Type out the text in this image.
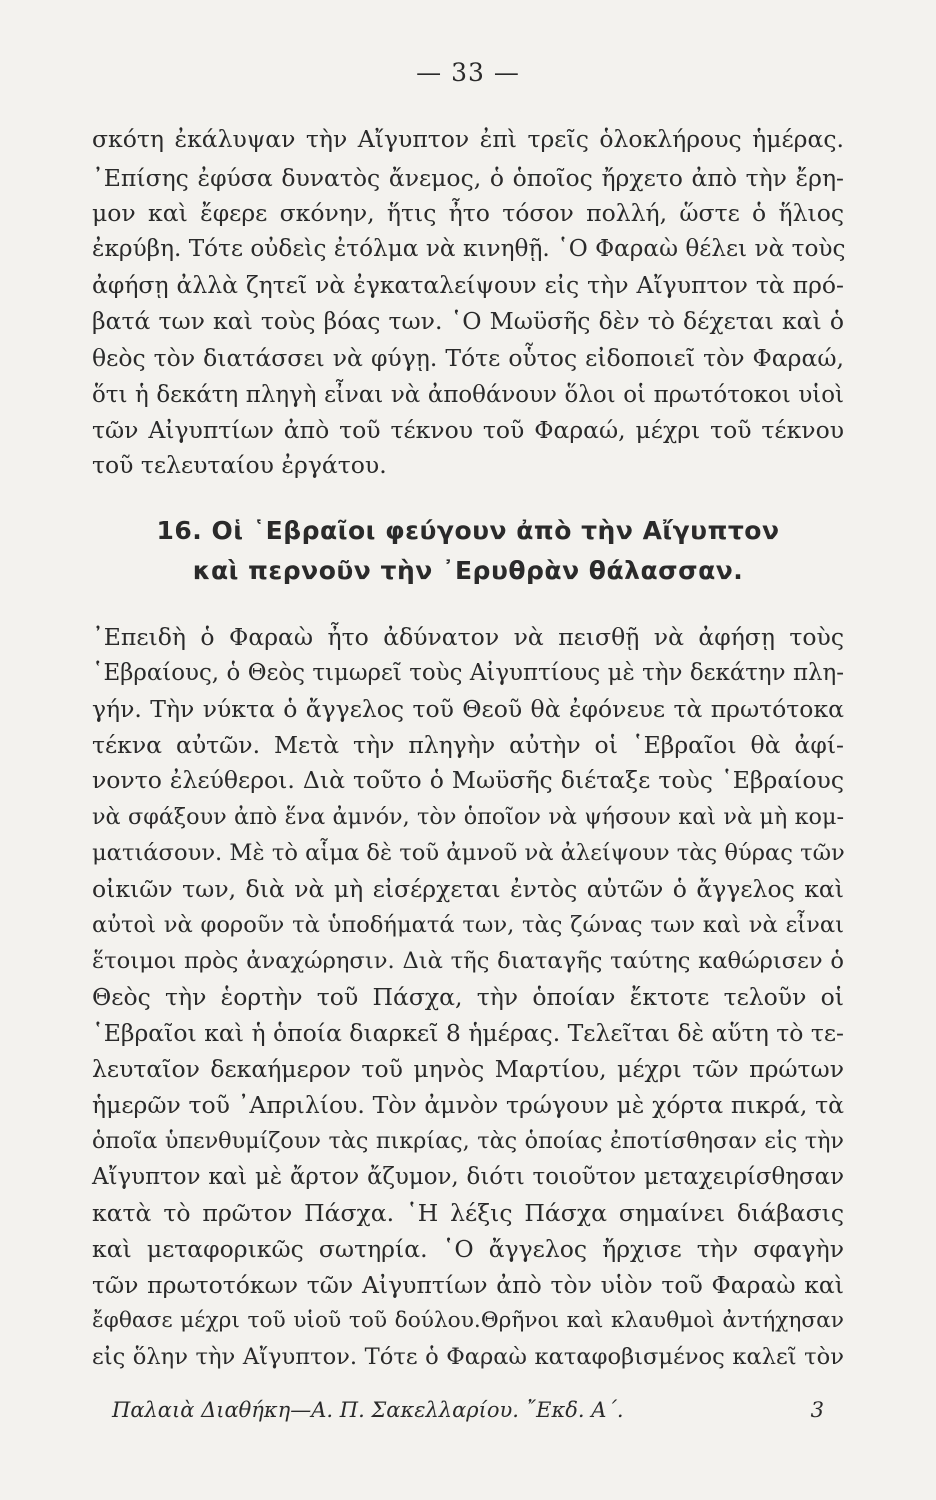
— 33 —
σκότη ἐκάλυψαν τὴν Αἴγυπτον ἐπὶ τρεῖς ὁλοκλήρους ἡμέρας.
᾿Επίσης ἐφύσα δυνατὸς ἄνεμος, ὁ ὁποῖος ἤρχετο ἀπὸ τὴν ἔρη-
μον καὶ ἔφερε σκόνην, ἥτις ἦτο τόσον πολλή, ὥστε ὁ ἥλιος
ἐκρύβη. Τότε οὐδεὶς ἐτόλμα νὰ κινηθῇ. ῾Ο Φαραὼ θέλει νὰ τοὺς
ἀφήσῃ ἀλλὰ ζητεῖ νὰ ἐγκαταλείψουν εἰς τὴν Αἴγυπτον τὰ πρό-
βατά των καὶ τοὺς βόας των. ῾Ο Μωϋσῆς δὲν τὸ δέχεται καὶ ὁ
θεὸς τὸν διατάσσει νὰ φύγῃ. Τότε οὗτος εἰδοποιεῖ τὸν Φαραώ,
ὅτι ἡ δεκάτη πληγὴ εἶναι νὰ ἀποθάνουν ὅλοι οἱ πρωτότοκοι υἱοὶ
τῶν Αἰγυπτίων ἀπὸ τοῦ τέκνου τοῦ Φαραώ, μέχρι τοῦ τέκνου
τοῦ τελευταίου ἐργάτου.
16. Οἱ ῾Εβραῖοι φεύγουν ἀπὸ τὴν Αἴγυπτον
καὶ περνοῦν τὴν ᾿Ερυθρὰν θάλασσαν.
᾿Επειδὴ ὁ Φαραὼ ἦτο ἀδύνατον νὰ πεισθῇ νὰ ἀφήσῃ τοὺς
῾Εβραίους, ὁ Θεὸς τιμωρεῖ τοὺς Αἰγυπτίους μὲ τὴν δεκάτην πλη-
γήν. Τὴν νύκτα ὁ ἄγγελος τοῦ Θεοῦ θὰ ἐφόνευε τὰ πρωτότοκα
τέκνα αὐτῶν. Μετὰ τὴν πληγὴν αὐτὴν οἱ ῾Εβραῖοι θὰ ἀφί-
νοντο ἐλεύθεροι. Διὰ τοῦτο ὁ Μωϋσῆς διέταξε τοὺς ῾Εβραίους
νὰ σφάξουν ἀπὸ ἕνα ἀμνόν, τὸν ὁποῖον νὰ ψήσουν καὶ νὰ μὴ κομ-
ματιάσουν. Μὲ τὸ αἷμα δὲ τοῦ ἀμνοῦ νὰ ἀλείψουν τὰς θύρας τῶν
οἰκιῶν των, διὰ νὰ μὴ εἰσέρχεται ἐντὸς αὐτῶν ὁ ἄγγελος καὶ
αὐτοὶ νὰ φοροῦν τὰ ὑποδήματά των, τὰς ζώνας των καὶ νὰ εἶναι
ἕτοιμοι πρὸς ἀναχώρησιν. Διὰ τῆς διαταγῆς ταύτης καθώρισεν ὁ
Θεὸς τὴν ἑορτὴν τοῦ Πάσχα, τὴν ὁποίαν ἔκτοτε τελοῦν οἱ
῾Εβραῖοι καὶ ἡ ὁποία διαρκεῖ 8 ἡμέρας. Τελεῖται δὲ αὕτη τὸ τε-
λευταῖον δεκαήμερον τοῦ μηνὸς Μαρτίου, μέχρι τῶν πρώτων
ἡμερῶν τοῦ ᾿Απριλίου. Τὸν ἀμνὸν τρώγουν μὲ χόρτα πικρά, τὰ
ὁποῖα ὑπενθυμίζουν τὰς πικρίας, τὰς ὁποίας ἐποτίσθησαν εἰς τὴν
Αἴγυπτον καὶ μὲ ἄρτον ἄζυμον, διότι τοιοῦτον μεταχειρίσθησαν
κατὰ τὸ πρῶτον Πάσχα. ῾Η λέξις Πάσχα σημαίνει διάβασις
καὶ μεταφορικῶς σωτηρία. ῾Ο ἄγγελος ἤρχισε τὴν σφαγὴν
τῶν πρωτοτόκων τῶν Αἰγυπτίων ἀπὸ τὸν υἱὸν τοῦ Φαραὼ καὶ
ἔφθασε μέχρι τοῦ υἱοῦ τοῦ δούλου.Θρῆνοι καὶ κλαυθμοὶ ἀντήχησαν
εἰς ὅλην τὴν Αἴγυπτον. Τότε ὁ Φαραὼ καταφοβισμένος καλεῖ τὸν
Παλαιὰ Διαθήκη—Α. Π. Σακελλαρίου. ῎Εκδ. Α΄.	3
